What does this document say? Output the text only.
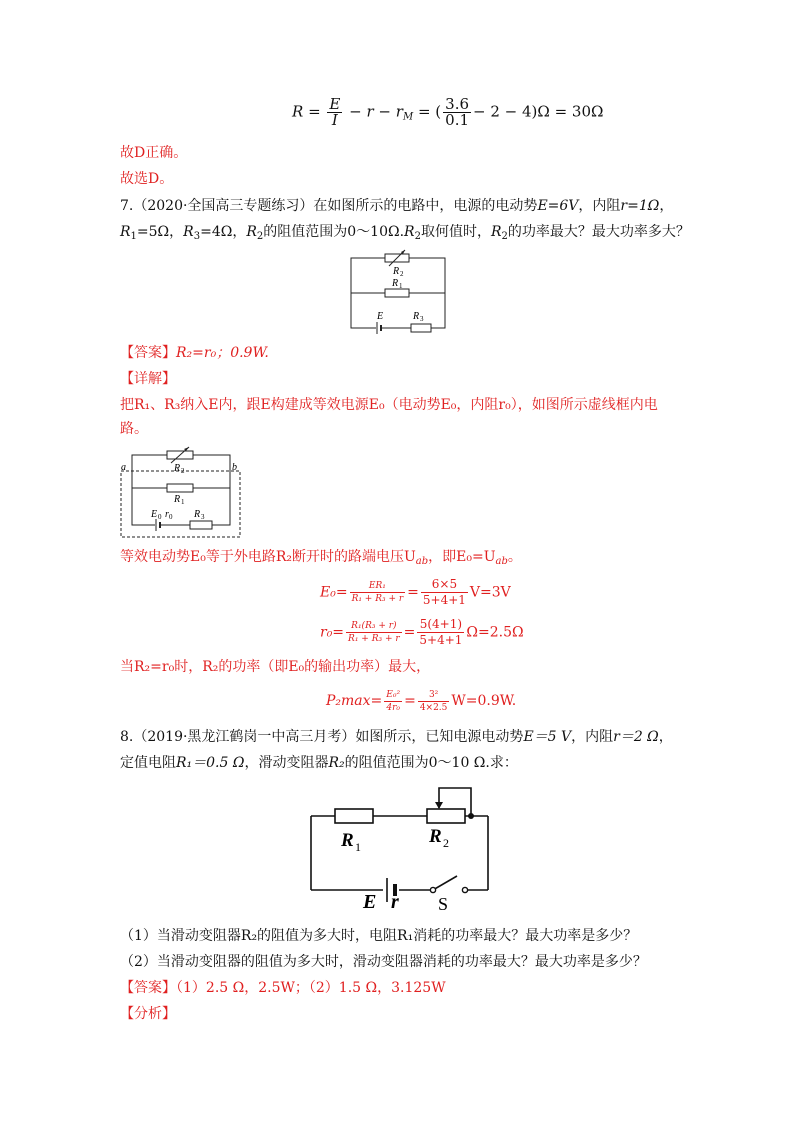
$R = \frac{E}{I} - r - r_M$ = ( $\frac{3.6}{0.1} - 2 - 4)\Omega = 30\Omega$
故D正确。
故选D。
7.（2020·全国高三专题练习）在如图所示的电路中，电源的电动势E=6V，内阻r=1Ω，
$R_1=5\Omega$，$R_3=4\Omega$，$R_2$的阻值范围为$0\sim 10\Omega.R_2$取何值时，$R_2$的功率最大？最大功率多大？
R 2
R 1
E	R 3
【答案】R₂=r₀；0.9W.
【详解】
把R₁、R₃纳入E内，跟E构建成等效电源E₀（电动势E₀，内阻r₀），如图所示虚线框内电
路。
a	b
R 2
R 1
E 0 r 0 R 3
等效电动势E₀等于外电路R₂断开时的路端电压$U_{ab}$，即$E_0=U_{ab}$。
$E_0= \frac{\text{ER₁}}{\text{R₁ + R₃ + r}} = \frac{6\times 5}{5+4+1} V=3V$
$r_0= \frac{\text{R₁(R₃ + r)}}{\text{R₁ + R₃ + r}} = \frac{5(4+1)}{5+4+1} \Omega=2.5\Omega$
当R₂=r₀时，R₂的功率（即E₀的输出功率）最大，
$P_2\max= \frac{\text{E₀²}}{\text{4r₀}} = \frac{\text{3²}}{4\times 2.5} W=0.9W$.
8.（2019·黑龙江鹤岗一中高三月考）如图所示，已知电源电动势E＝5 V，内阻r＝2 Ω，
定值电阻R₁＝0.5 Ω，滑动变阻器R₂的阻值范围为0～10 Ω.求：
R 1	R 2
E r S
（1）当滑动变阻器R₂的阻值为多大时，电阻R₁消耗的功率最大？最大功率是多少？
（2）当滑动变阻器的阻值为多大时，滑动变阻器消耗的功率最大？最大功率是多少？
【答案】（1）2.5 Ω，2.5W；（2）1.5 Ω，3.125W
【分析】
